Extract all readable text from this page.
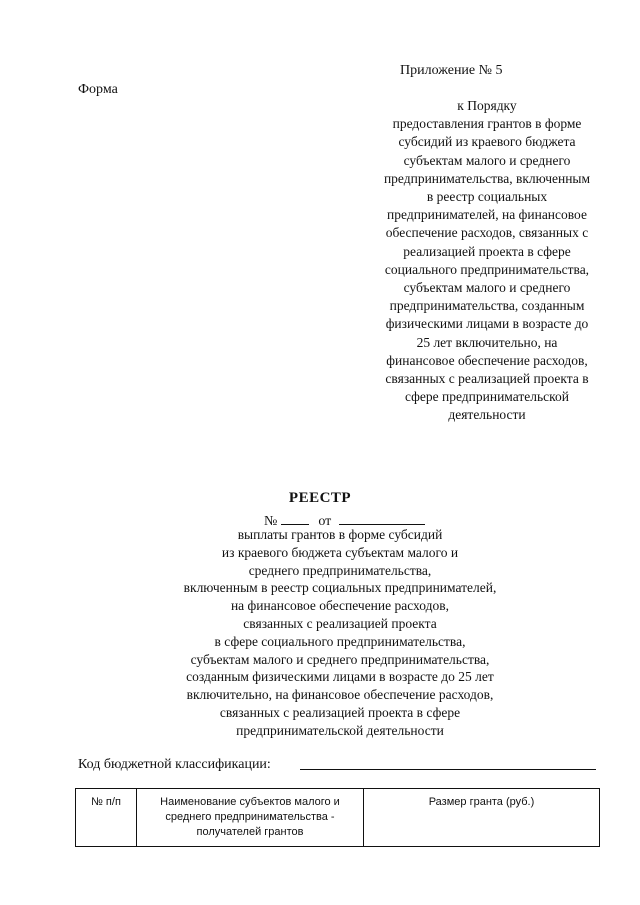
Приложение № 5
Форма
к Порядку
предоставления грантов в форме
субсидий из краевого бюджета
субъектам малого и среднего
предпринимательства, включенным
в реестр социальных
предпринимателей, на финансовое
обеспечение расходов, связанных с
реализацией проекта в сфере
социального предпринимательства,
субъектам малого и среднего
предпринимательства, созданным
физическими лицами в возрасте до
25 лет включительно, на
финансовое обеспечение расходов,
связанных с реализацией проекта в
сфере предпринимательской
деятельности
РЕЕСТР
№	от
выплаты грантов в форме субсидий
из краевого бюджета субъектам малого и
среднего предпринимательства,
включенным в реестр социальных предпринимателей,
на финансовое обеспечение расходов,
связанных с реализацией проекта
в сфере социального предпринимательства,
субъектам малого и среднего предпринимательства,
созданным физическими лицами в возрасте до 25 лет
включительно, на финансовое обеспечение расходов,
связанных с реализацией проекта в сфере
предпринимательской деятельности
Код бюджетной классификации:
№ п/п	Наименование субъектов малого и среднего предпринимательства - получателей грантов	Размер гранта (руб.)
